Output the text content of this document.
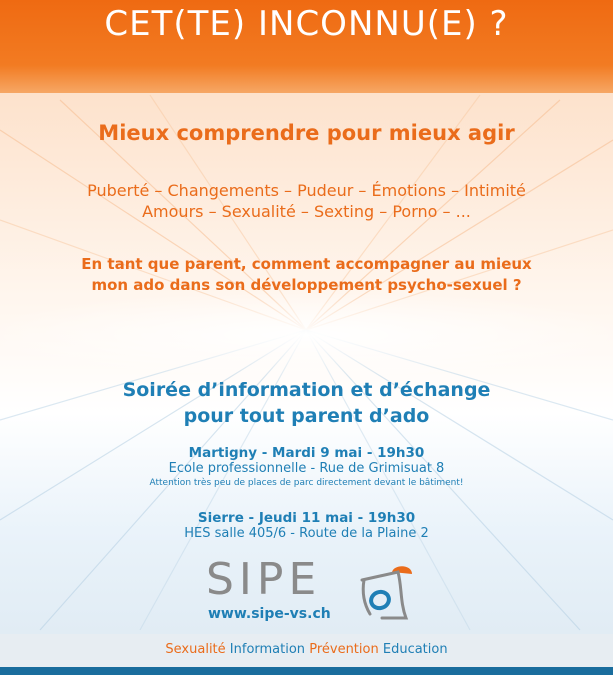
CET(TE) INCONNU(E) ?
Mieux comprendre pour mieux agir
Puberté – Changements – Pudeur – Émotions – Intimité
Amours – Sexualité – Sexting – Porno – ...
En tant que parent, comment accompagner au mieux
mon ado dans son développement psycho-sexuel ?
Soirée d’information et d’échange
pour tout parent d’ado
Martigny - Mardi 9 mai - 19h30
Ecole professionnelle - Rue de Grimisuat 8
Attention très peu de places de parc directement devant le bâtiment!
Sierre - Jeudi 11 mai - 19h30
HES salle 405/6 - Route de la Plaine 2
SIPE
www.sipe-vs.ch
Sexualité Information Prévention Education
